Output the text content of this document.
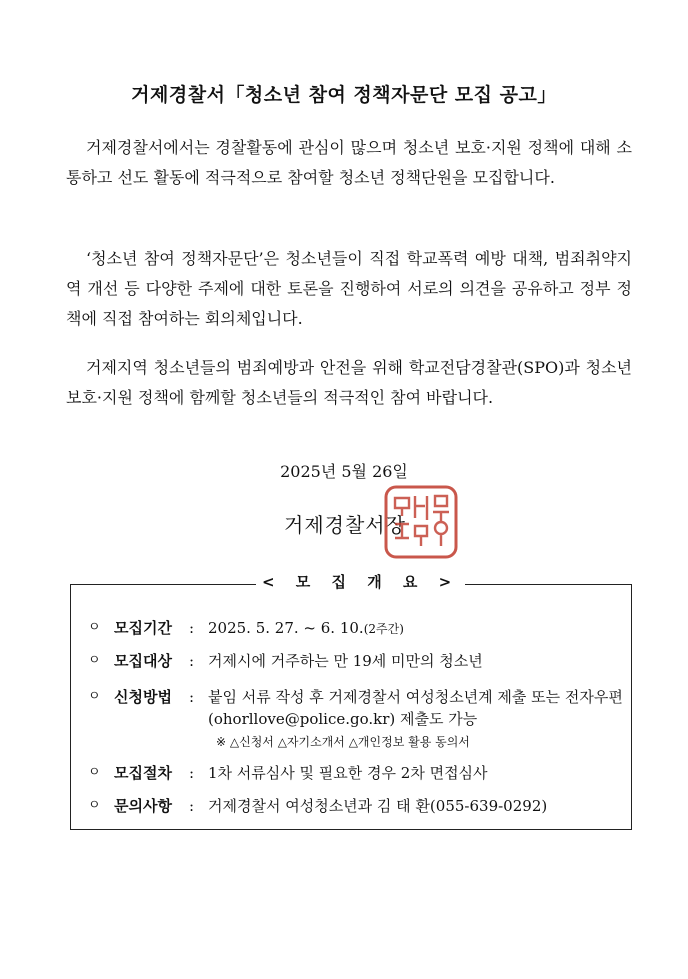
거제경찰서「청소년 참여 정책자문단 모집 공고」

거제경찰서에서는 경찰활동에 관심이 많으며 청소년 보호·지원 정책에 대해 소통하고 선도 활동에 적극적으로 참여할 청소년 정책단원을 모집합니다.

‘청소년 참여 정책자문단’은 청소년들이 직접 학교폭력 예방 대책, 범죄취약지역 개선 등 다양한 주제에 대한 토론을 진행하여 서로의 의견을 공유하고 정부 정책에 직접 참여하는 회의체입니다.

거제지역 청소년들의 범죄예방과 안전을 위해 학교전담경찰관(SPO)과 청소년 보호·지원 정책에 함께할 청소년들의 적극적인 참여 바랍니다.

2025년 5월 26일
거제경찰서장
< 모 집 개 요 >
ㅇ 모집기간	: 2025. 5. 27. ~ 6. 10.(2주간)
ㅇ 모집대상	: 거제시에 거주하는 만 19세 미만의 청소년
ㅇ 신청방법	: 붙임 서류 작성 후 거제경찰서 여성청소년계 제출 또는 전자우편(ohorllove@police.go.kr) 제출도 가능
※ △신청서 △자기소개서 △개인정보 활용 동의서
ㅇ 모집절차	: 1차 서류심사 및 필요한 경우 2차 면접심사
ㅇ 문의사항	: 거제경찰서 여성청소년과 김 태 환(055-639-0292)
